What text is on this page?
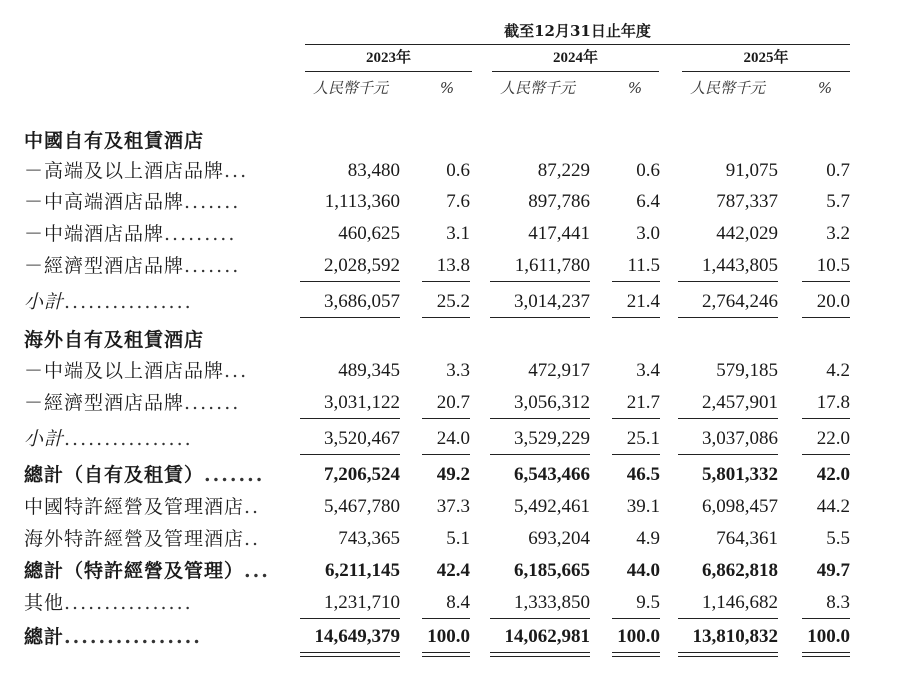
截至12月31日止年度
2023年
人民幣千元	%
2024年
人民幣千元	%
2025年
人民幣千元	%
中國自有及租賃酒店
－高端及以上酒店品牌...	83,480	0.6	87,229	0.6	91,075	0.7
－中高端酒店品牌.......	1,113,360	7.6	897,786	6.4	787,337	5.7
－中端酒店品牌.........	460,625	3.1	417,441	3.0	442,029	3.2
－經濟型酒店品牌.......	2,028,592	13.8	1,611,780	11.5	1,443,805	10.5
小計................	3,686,057	25.2	3,014,237	21.4	2,764,246	20.0
海外自有及租賃酒店
－中端及以上酒店品牌...	489,345	3.3	472,917	3.4	579,185	4.2
－經濟型酒店品牌.......	3,031,122	20.7	3,056,312	21.7	2,457,901	17.8
小計................	3,520,467	24.0	3,529,229	25.1	3,037,086	22.0
總計（自有及租賃）.......	7,206,524	49.2	6,543,466	46.5	5,801,332	42.0
中國特許經營及管理酒店..	5,467,780	37.3	5,492,461	39.1	6,098,457	44.2
海外特許經營及管理酒店..	743,365	5.1	693,204	4.9	764,361	5.5
總計（特許經營及管理）...	6,211,145	42.4	6,185,665	44.0	6,862,818	49.7
其他................	1,231,710	8.4	1,333,850	9.5	1,146,682	8.3
總計................	14,649,379	100.0	14,062,981	100.0	13,810,832	100.0
